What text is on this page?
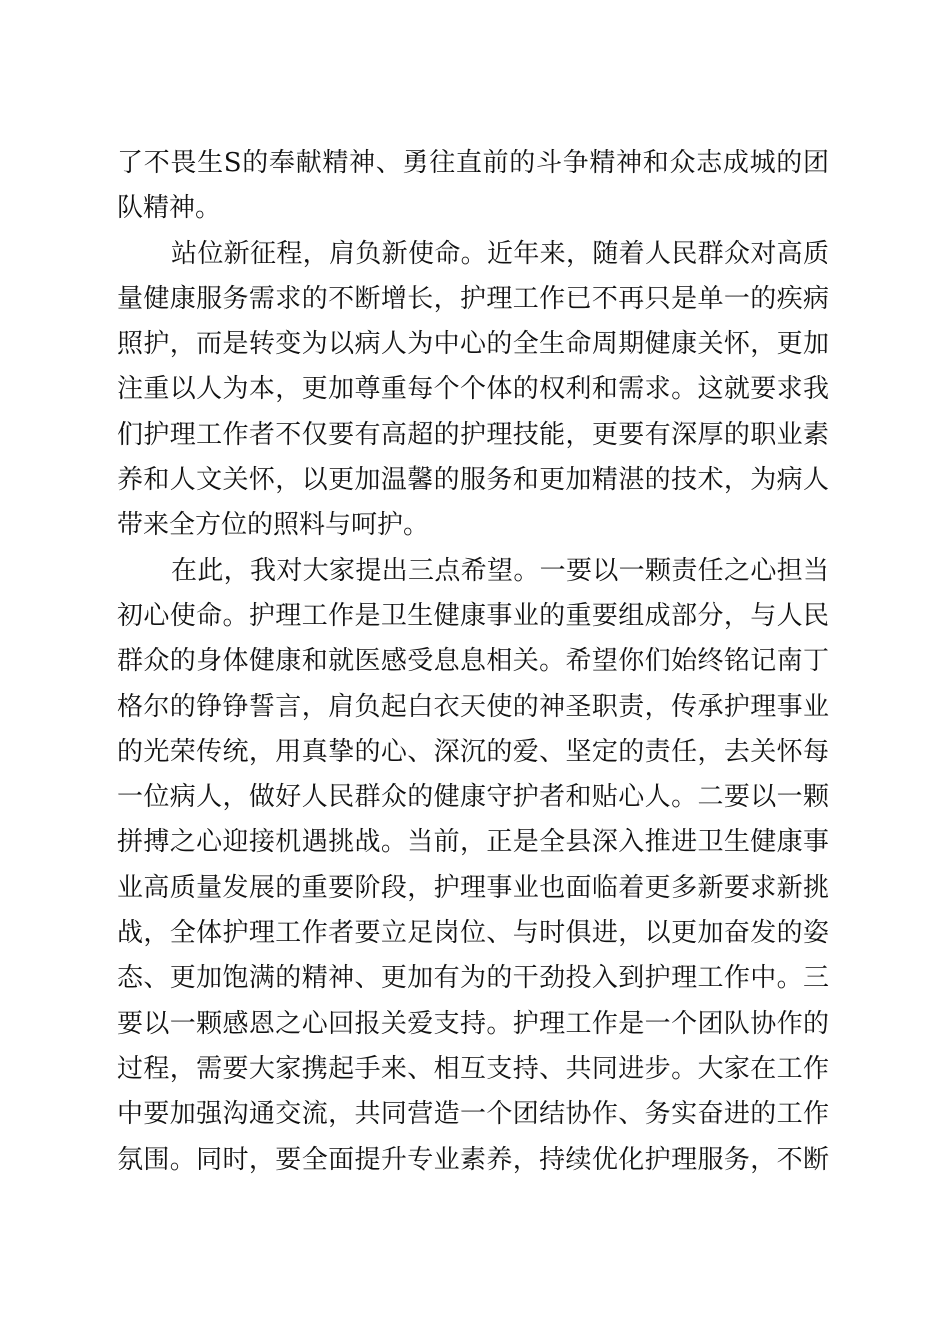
了不畏生S的奉献精神、勇往直前的斗争精神和众志成城的团
队精神。
站位新征程，肩负新使命。近年来，随着人民群众对高质
量健康服务需求的不断增长，护理工作已不再只是单一的疾病
照护，而是转变为以病人为中心的全生命周期健康关怀，更加
注重以人为本，更加尊重每个个体的权利和需求。这就要求我
们护理工作者不仅要有高超的护理技能，更要有深厚的职业素
养和人文关怀，以更加温馨的服务和更加精湛的技术，为病人
带来全方位的照料与呵护。
在此，我对大家提出三点希望。一要以一颗责任之心担当
初心使命。护理工作是卫生健康事业的重要组成部分，与人民
群众的身体健康和就医感受息息相关。希望你们始终铭记南丁
格尔的铮铮誓言，肩负起白衣天使的神圣职责，传承护理事业
的光荣传统，用真挚的心、深沉的爱、坚定的责任，去关怀每
一位病人，做好人民群众的健康守护者和贴心人。二要以一颗
拼搏之心迎接机遇挑战。当前，正是全县深入推进卫生健康事
业高质量发展的重要阶段，护理事业也面临着更多新要求新挑
战，全体护理工作者要立足岗位、与时俱进，以更加奋发的姿
态、更加饱满的精神、更加有为的干劲投入到护理工作中。三
要以一颗感恩之心回报关爱支持。护理工作是一个团队协作的
过程，需要大家携起手来、相互支持、共同进步。大家在工作
中要加强沟通交流，共同营造一个团结协作、务实奋进的工作
氛围。同时，要全面提升专业素养，持续优化护理服务，不断
